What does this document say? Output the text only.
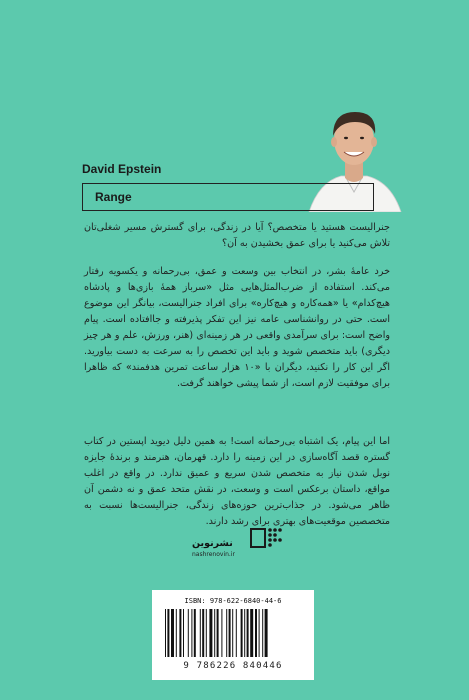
David Epstein
Range

جنرالیست هستید یا متخصص؟ آیا در زندگی، برای گسترش مسیر شغلی‌تان تلاش می‌کنید یا برای عمق بخشیدن به آن؟

خرد عامهٔ بشر، در انتخاب بین وسعت و عمق، بی‌رحمانه و یکسویه رفتار می‌کند. استفاده از ضرب‌المثل‌هایی مثل «سرباز همهٔ بازی‌ها و پادشاه هیچ‌کدام» یا «همه‌کاره و هیچ‌کاره» برای افراد جنرالیست، بیانگر این موضوع است. حتی در روانشناسی عامه نیز این تفکر پذیرفته و جاافتاده است. پیام واضح است: برای سرآمدی واقعی در هر زمینه‌ای (هنر، ورزش، علم و هر چیز دیگری) باید متخصص شوید و باید این تخصص را به سرعت به دست بیاورید. اگر این کار را نکنید، دیگران با «۱۰ هزار ساعت تمرین هدفمند» که ظاهرا برای موفقیت لازم است، از شما پیشی خواهند گرفت.

اما این پیام، یک اشتباه بی‌رحمانه است! به همین دلیل دیوید اپستین در کتاب گستره قصد آگاه‌سازی در این زمینه را دارد. قهرمان، هنرمند و برندهٔ جایزه نوبل شدن نیاز به متخصص شدن سریع و عمیق ندارد. در واقع در اغلب مواقع، داستان برعکس است و وسعت، در نقش متحد عمق و نه دشمن آن ظاهر می‌شود. در جذاب‌ترین حوزه‌های زندگی، جنرالیست‌ها نسبت به متخصصین موقعیت‌های بهتری برای رشد دارند.

نشرنوین
nashrenovin.ir
ISBN: 978-622-6840-44-6
9 786226 840446
